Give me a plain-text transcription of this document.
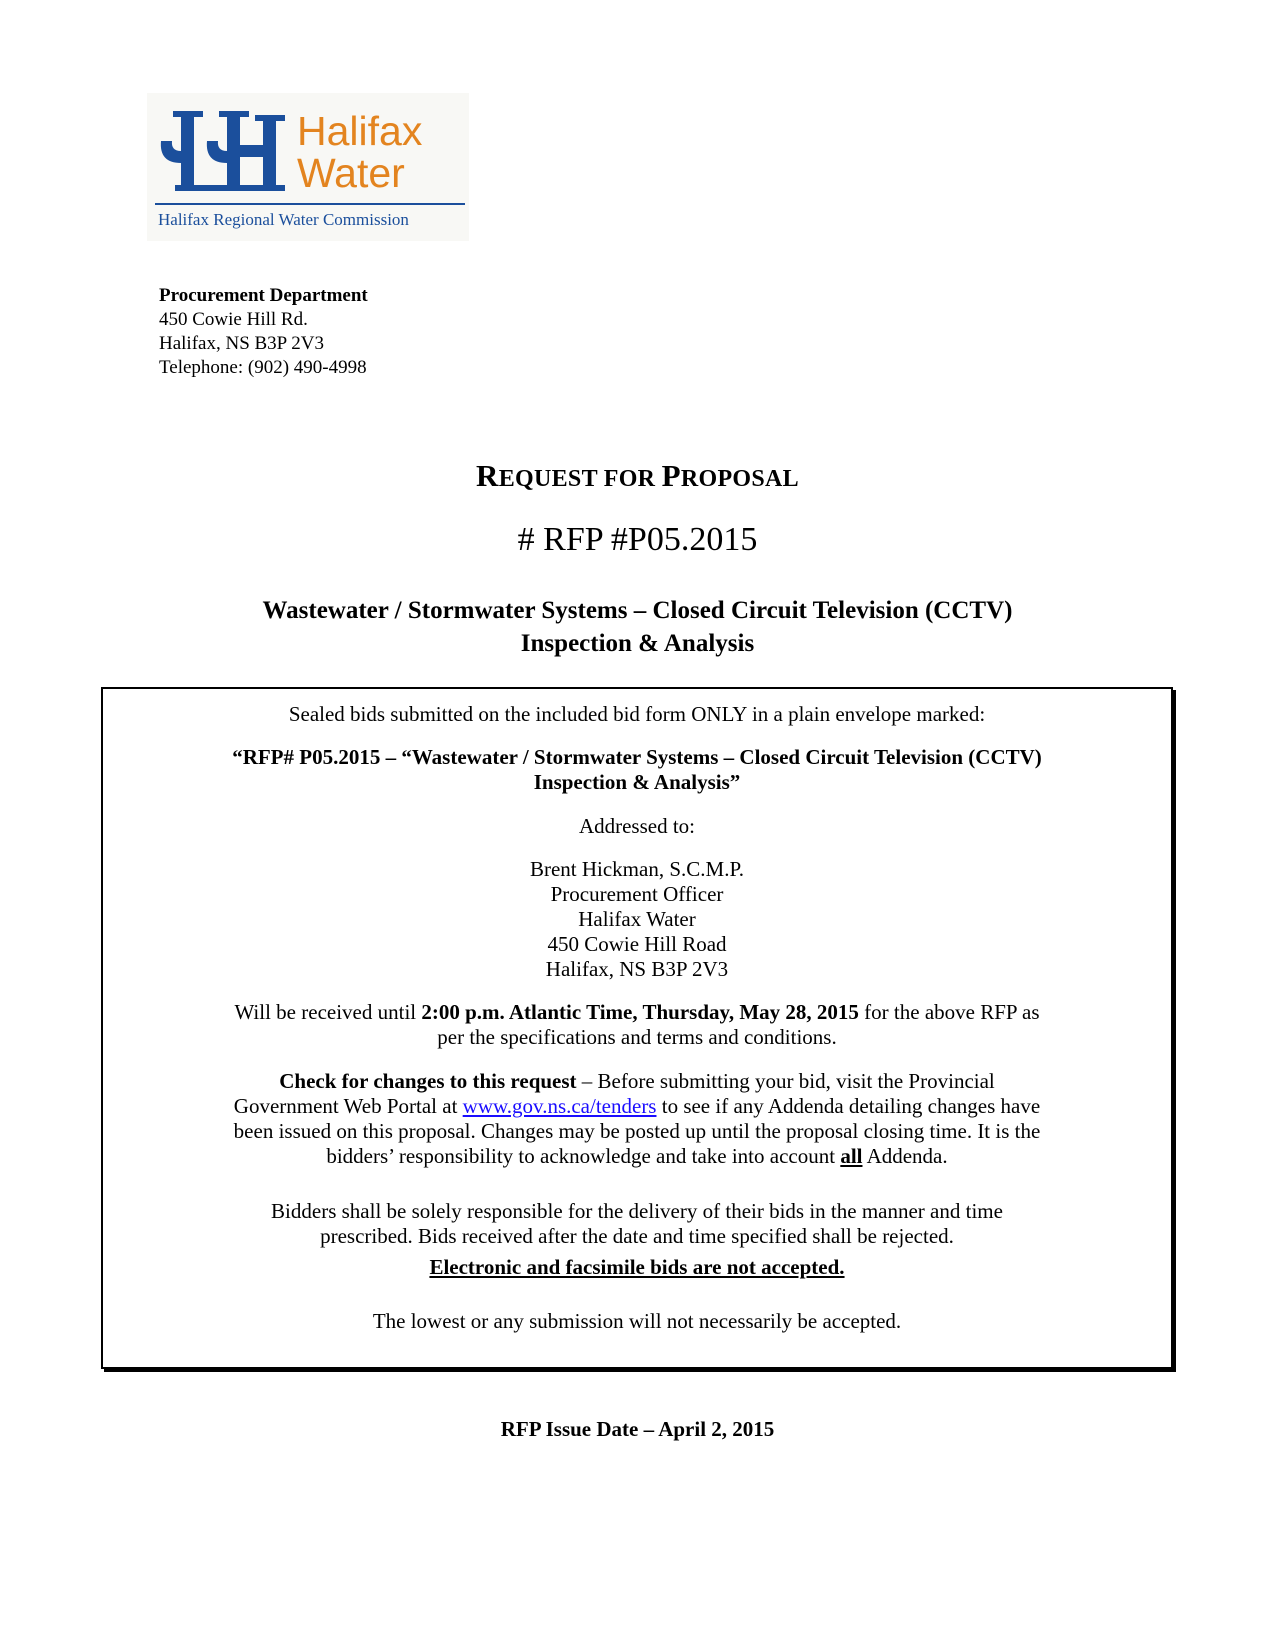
Halifax
Water
Halifax Regional Water Commission
Procurement Department
450 Cowie Hill Rd.
Halifax, NS B3P 2V3
Telephone: (902) 490-4998
REQUEST FOR PROPOSAL
# RFP #P05.2015
Wastewater / Stormwater Systems – Closed Circuit Television (CCTV)
Inspection & Analysis

Sealed bids submitted on the included bid form ONLY in a plain envelope marked:

“RFP# P05.2015 – “Wastewater / Stormwater Systems – Closed Circuit Television (CCTV)

Inspection & Analysis”

Addressed to:

Brent Hickman, S.C.M.P.

Procurement Officer

Halifax Water

450 Cowie Hill Road

Halifax, NS B3P 2V3

Will be received until 2:00 p.m. Atlantic Time, Thursday, May 28, 2015 for the above RFP as

per the specifications and terms and conditions.

Check for changes to this request – Before submitting your bid, visit the Provincial

Government Web Portal at www.gov.ns.ca/tenders to see if any Addenda detailing changes have

been issued on this proposal. Changes may be posted up until the proposal closing time. It is the

bidders’ responsibility to acknowledge and take into account all Addenda.

Bidders shall be solely responsible for the delivery of their bids in the manner and time

prescribed. Bids received after the date and time specified shall be rejected.

Electronic and facsimile bids are not accepted.

The lowest or any submission will not necessarily be accepted.

RFP Issue Date – April 2, 2015
